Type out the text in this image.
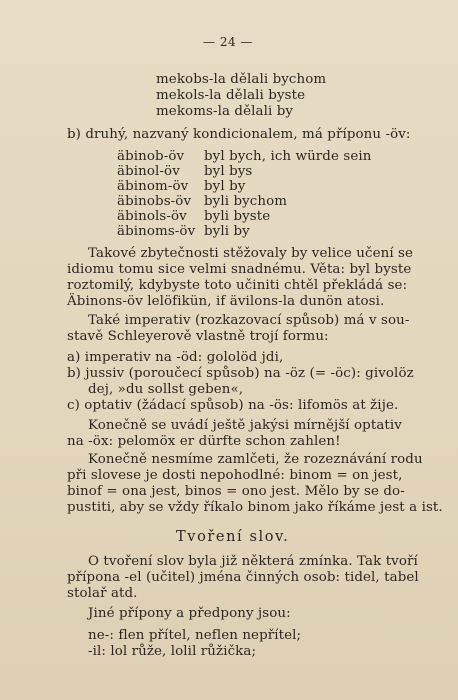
— 24 —
mekobs-la dělali bychom
mekols-la dělali byste
mekoms-la dělali by
b) druhý, nazvaný kondicionalem, má příponu -öv:
äbinob-öv byl bych, ich würde sein
äbinol-öv byl bys
äbinom-öv byl by
äbinobs-öv byli bychom
äbinols-öv byli byste
äbinoms-öv byli by
Takové zbytečnosti stěžovaly by velice učení se
idiomu tomu sice velmi snadnému. Věta: byl byste
roztomilý, kdybyste toto učiniti chtěl překládá se:
Äbinons-öv lelöfikün, if ävilons-la dunön atosi.
Také imperativ (rozkazovací spůsob) má v sou-
stavě Schleyerově vlastně trojí formu:
a) imperativ na -öd: gololöd jdi,
b) jussiv (poroučecí spůsob) na -öz (= -öc): givolöz
dej, »du sollst geben«,
c) optativ (žádací spůsob) na -ös: lifomös at žije.
Konečně se uvádí ještě jakýsi mírnější optativ
na -öx: pelomöx er dürfte schon zahlen!
Konečně nesmíme zamlčeti, že rozeznávání rodu
při slovese je dosti nepohodlné: binom = on jest,
binof = ona jest, binos = ono jest. Mělo by se do-
pustiti, aby se vždy říkalo binom jako říkáme jest a ist.
Tvoření slov.
O tvoření slov byla již některá zmínka. Tak tvoří
přípona -el (učitel) jména činných osob: tidel, tabel
stolař atd.
Jiné přípony a předpony jsou:
ne-: flen přítel, neflen nepřítel;
-il: lol růže, lolil růžička;
